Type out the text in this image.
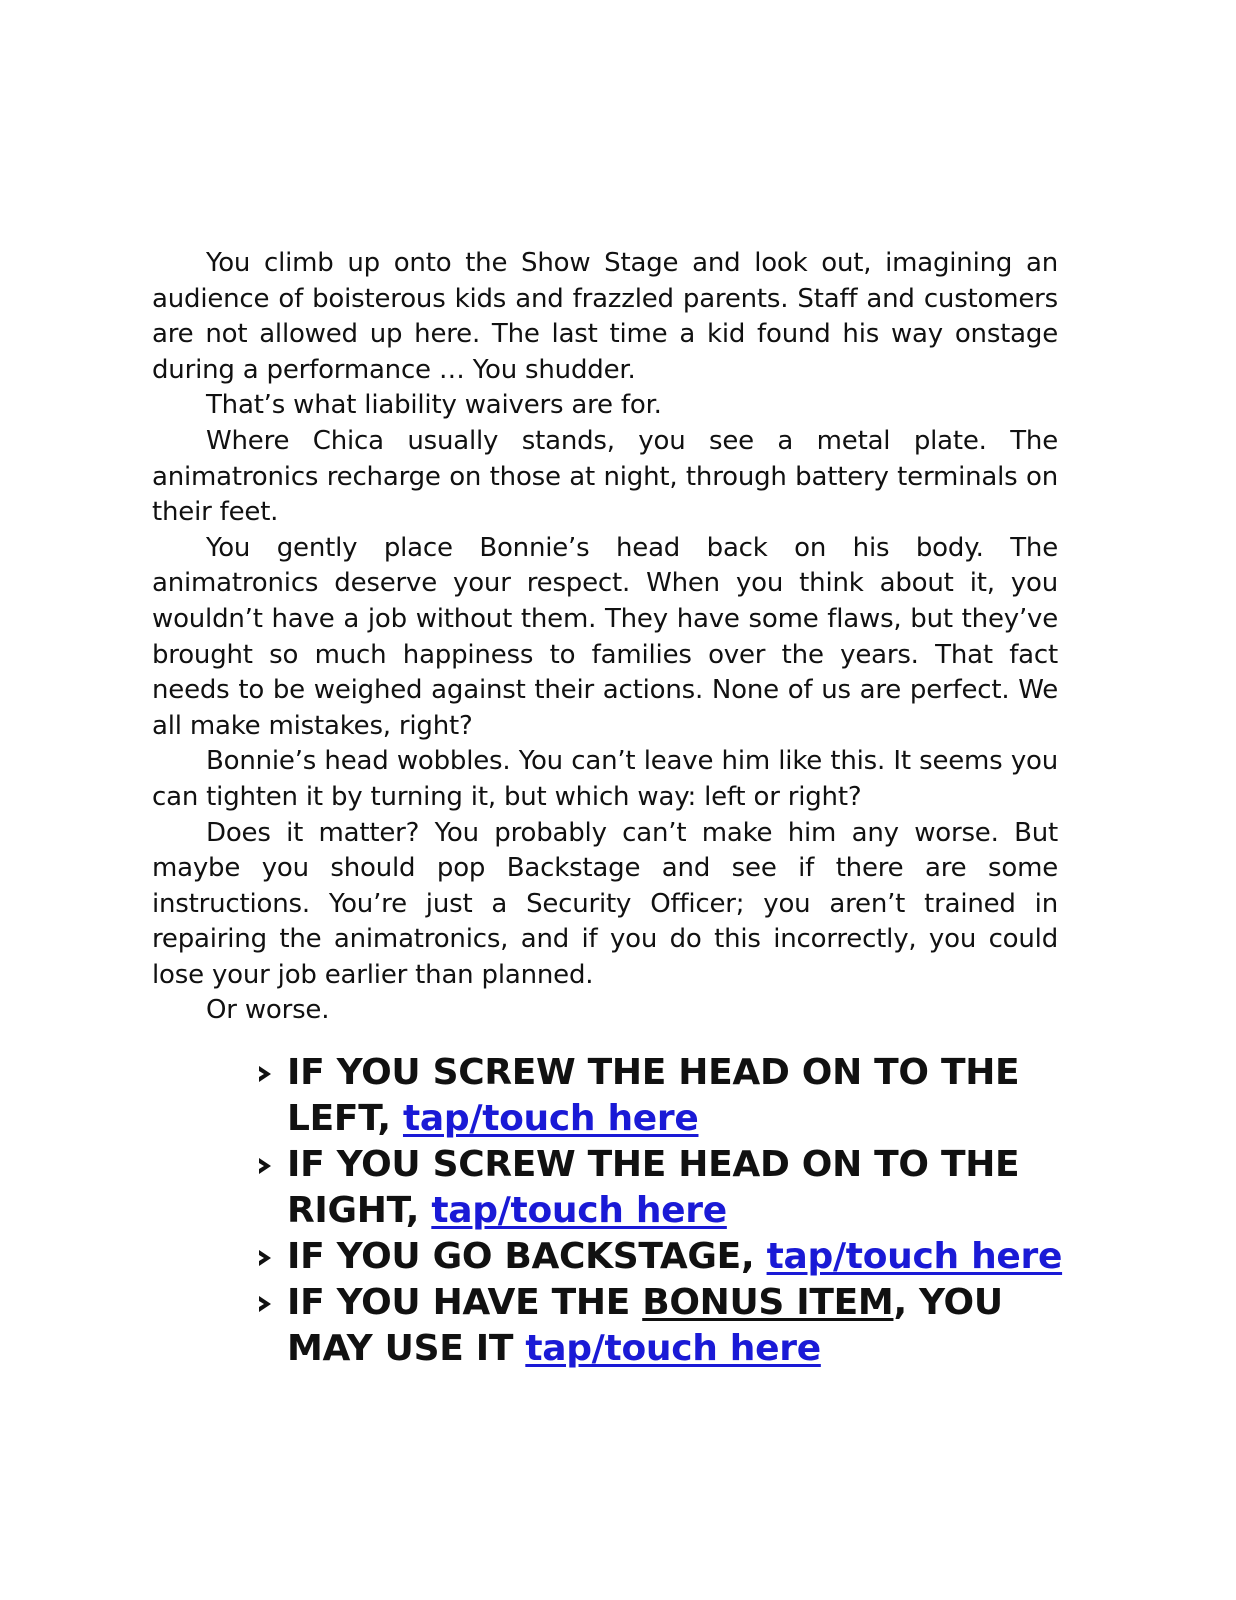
You climb up onto the Show Stage and look out, imagining an audience of boisterous kids and frazzled parents. Staff and customers are not allowed up here. The last time a kid found his way onstage during a performance … You shudder.

That’s what liability waivers are for.

Where Chica usually stands, you see a metal plate. The animatronics recharge on those at night, through battery terminals on their feet.

You gently place Bonnie’s head back on his body. The animatronics deserve your respect. When you think about it, you wouldn’t have a job without them. They have some flaws, but they’ve brought so much happiness to families over the years. That fact needs to be weighed against their actions. None of us are perfect. We all make mistakes, right?

Bonnie’s head wobbles. You can’t leave him like this. It seems you can tighten it by turning it, but which way: left or right?

Does it matter? You probably can’t make him any worse. But maybe you should pop Backstage and see if there are some instructions. You’re just a Security Officer; you aren’t trained in repairing the animatronics, and if you do this incorrectly, you could lose your job earlier than planned.

Or worse.

IF YOU SCREW THE HEAD ON TO THE LEFT, tap/touch here
IF YOU SCREW THE HEAD ON TO THE RIGHT, tap/touch here
IF YOU GO BACKSTAGE, tap/touch here
IF YOU HAVE THE BONUS ITEM, YOU MAY USE IT tap/touch here
